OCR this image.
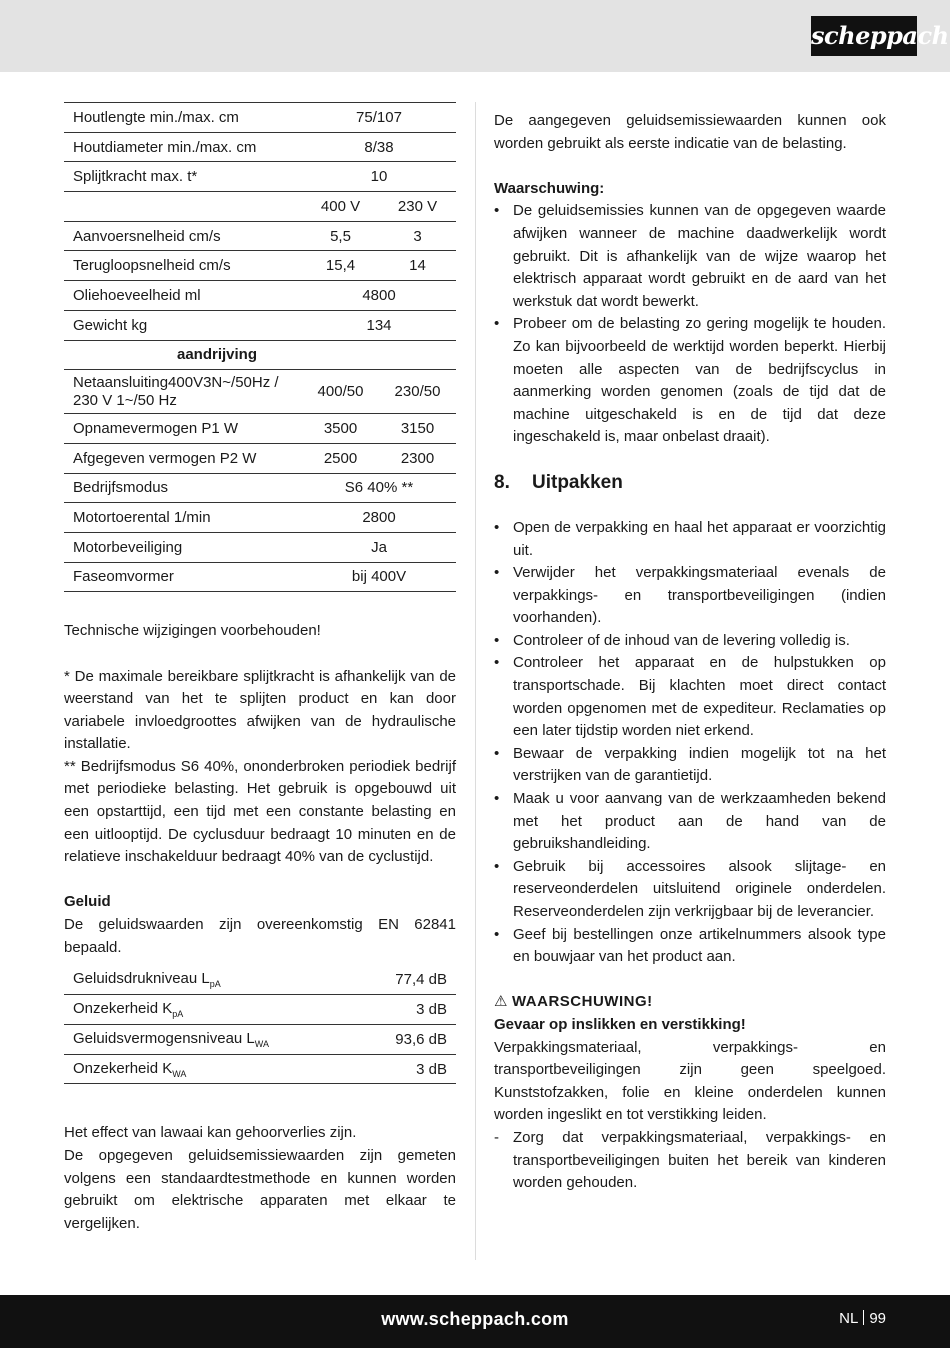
scheppach
Houtlengte min./max. cm	75/107	
Houtdiameter min./max. cm	8/38	
Splijtkracht max. t*	10	
	400 V	230 V
Aanvoersnelheid cm/s	5,5	3
Terugloopsnelheid cm/s	15,4	14
Oliehoeveelheid ml	4800	
Gewicht kg	134	
aandrijving		
Netaansluiting400V3N~/50Hz / 230 V 1~/50 Hz	400/50	230/50
Opnamevermogen P1 W	3500	3150
Afgegeven vermogen P2 W	2500	2300
Bedrijfsmodus	S6 40% **	
Motortoerental 1/min	2800	
Motorbeveiliging	Ja	
Faseomvormer	bij 400V	

Technische wijzigingen voorbehouden!

* De maximale bereikbare splijtkracht is afhankelijk van de weerstand van het te splijten product en kan door variabele invloedgroottes afwijken van de hydraulische installatie.

** Bedrijfsmodus S6 40%, ononderbroken periodiek bedrijf met periodieke belasting. Het gebruik is opgebouwd uit een opstarttijd, een tijd met een constante belasting en een uitlooptijd. De cyclusduur bedraagt 10 minuten en de relatieve inschakelduur bedraagt 40% van de cyclustijd.

Geluid

De geluidswaarden zijn overeenkomstig EN 62841 bepaald.

Geluidsdrukniveau $L_{pA}$	77,4 dB
Onzekerheid $K_{pA}$	3 dB
Geluidsvermogensniveau $L_{WA}$	93,6 dB
Onzekerheid $K_{WA}$	3 dB

Het effect van lawaai kan gehoorverlies zijn.

De opgegeven geluidsemissiewaarden zijn gemeten volgens een standaardtestmethode en kunnen worden gebruikt om elektrische apparaten met elkaar te vergelijken.

De aangegeven geluidsemissiewaarden kunnen ook worden gebruikt als eerste indicatie van de belasting.

Waarschuwing:

• De geluidsemissies kunnen van de opgegeven waarde afwijken wanneer de machine daadwerkelijk wordt gebruikt. Dit is afhankelijk van de wijze waarop het elektrisch apparaat wordt gebruikt en de aard van het werkstuk dat wordt bewerkt.
• Probeer om de belasting zo gering mogelijk te houden. Zo kan bijvoorbeeld de werktijd worden beperkt. Hierbij moeten alle aspecten van de bedrijfscyclus in aanmerking worden genomen (zoals de tijd dat de machine uitgeschakeld is en de tijd dat deze ingeschakeld is, maar onbelast draait).
8. Uitpakken
• Open de verpakking en haal het apparaat er voorzichtig uit.
• Verwijder het verpakkingsmateriaal evenals de verpakkings- en transportbeveiligingen (indien voorhanden).
• Controleer of de inhoud van de levering volledig is.
• Controleer het apparaat en de hulpstukken op transportschade. Bij klachten moet direct contact worden opgenomen met de expediteur. Reclamaties op een later tijdstip worden niet erkend.
• Bewaar de verpakking indien mogelijk tot na het verstrijken van de garantietijd.
• Maak u voor aanvang van de werkzaamheden bekend met het product aan de hand van de gebruikshandleiding.
• Gebruik bij accessoires alsook slijtage- en reserveonderdelen uitsluitend originele onderdelen. Reserveonderdelen zijn verkrijgbaar bij de leverancier.
• Geef bij bestellingen onze artikelnummers alsook type en bouwjaar van het product aan.
⚠ WAARSCHUWING!

Gevaar op inslikken en verstikking!

Verpakkingsmateriaal, verpakkings- en transportbeveiligingen zijn geen speelgoed. Kunststofzakken, folie en kleine onderdelen kunnen worden ingeslikt en tot verstikking leiden.

- Zorg dat verpakkingsmateriaal, verpakkings- en transportbeveiligingen buiten het bereik van kinderen worden gehouden.
www.scheppach.com	NL 99
